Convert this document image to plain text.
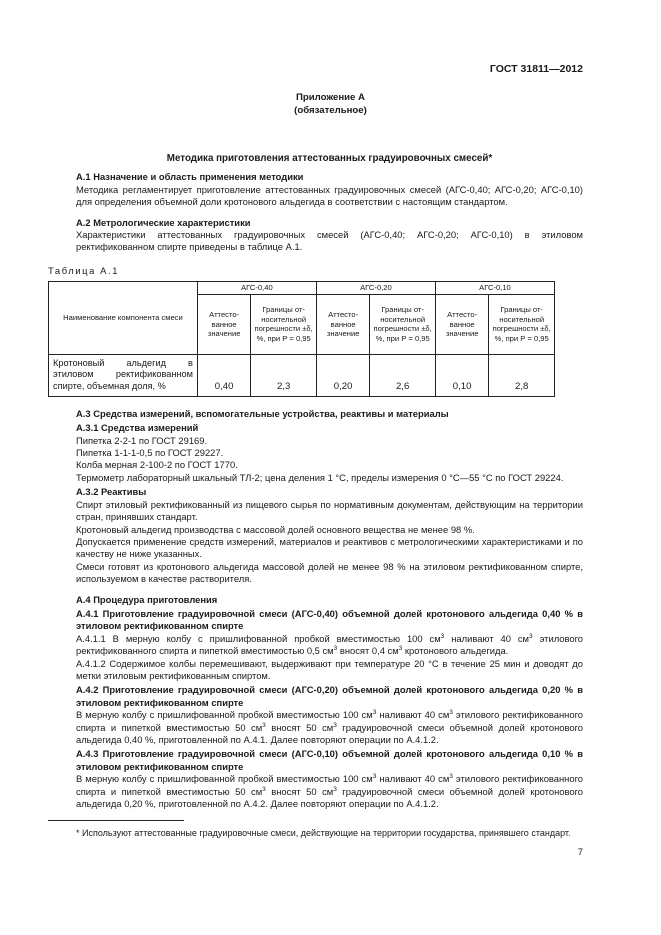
ГОСТ 31811—2012
Приложение А
(обязательное)
Методика приготовления аттестованных градуировочных смесей*
А.1 Назначение и область применения методики
Методика регламентирует приготовление аттестованных градуировочных смесей (АГС-0,40; АГС-0,20; АГС-0,10) для определения объемной доли кротонового альдегида в соответствии с настоящим стандартом.
А.2 Метрологические характеристики
Характеристики аттестованных градуировочных смесей (АГС-0,40; АГС-0,20; АГС-0,10) в этиловом ректификованном спирте приведены в таблице А.1.
Таблица А.1
Наименование компонента смеси	АГС-0,40		АГС-0,20		АГС-0,10	
	Аттесто-ванное значение	Границы от-носительной погрешности ±δ, %, при Р = 0,95	Аттесто-ванное значение	Границы от-носительной погрешности ±δ, %, при Р = 0,95	Аттесто-ванное значение	Границы от-носительной погрешности ±δ, %, при Р = 0,95
Кротоновый альдегид в этиловом ректификованном спирте, объемная доля, %	0,40	2,3	0,20	2,6	0,10	2,8
А.3 Средства измерений, вспомогательные устройства, реактивы и материалы
А.3.1 Средства измерений
Пипетка 2-2-1 по ГОСТ 29169.
Пипетка 1-1-1-0,5 по ГОСТ 29227.
Колба мерная 2-100-2 по ГОСТ 1770.
Термометр лабораторный шкальный ТЛ-2; цена деления 1 °С, пределы измерения 0 °С—55 °С по ГОСТ 29224.
А.3.2 Реактивы
Спирт этиловый ректификованный из пищевого сырья по нормативным документам, действующим на территории стран, принявших стандарт.
Кротоновый альдегид производства с массовой долей основного вещества не менее 98 %.
Допускается применение средств измерений, материалов и реактивов с метрологическими характеристиками и по качеству не ниже указанных.
Смеси готовят из кротонового альдегида массовой долей не менее 98 % на этиловом ректификованном спирте, используемом в качестве растворителя.
А.4 Процедура приготовления
А.4.1 Приготовление градуировочной смеси (АГС-0,40) объемной долей кротонового альдегида 0,40 % в этиловом ректификованном спирте
А.4.1.1 В мерную колбу с пришлифованной пробкой вместимостью 100 $см^3$ наливают 40 $см^3$ этилового ректификованного спирта и пипеткой вместимостью 0,5 $см^3$ вносят 0,4 $см^3$ кротонового альдегида.
А.4.1.2 Содержимое колбы перемешивают, выдерживают при температуре 20 °С в течение 25 мин и доводят до метки этиловым ректификованным спиртом.
А.4.2 Приготовление градуировочной смеси (АГС-0,20) объемной долей кротонового альдегида 0,20 % в этиловом ректификованном спирте
В мерную колбу с пришлифованной пробкой вместимостью 100 $см^3$ наливают 40 $см^3$ этилового ректификованного спирта и пипеткой вместимостью 50 $см^3$ вносят 50 $см^3$ градуировочной смеси объемной долей кротонового альдегида 0,40 %, приготовленной по А.4.1. Далее повторяют операции по А.4.1.2.
А.4.3 Приготовление градуировочной смеси (АГС-0,10) объемной долей кротонового альдегида 0,10 % в этиловом ректификованном спирте
В мерную колбу с пришлифованной пробкой вместимостью 100 $см^3$ наливают 40 $см^3$ этилового ректификованного спирта и пипеткой вместимостью 50 $см^3$ вносят 50 $см^3$ градуировочной смеси объемной долей кротонового альдегида 0,20 %, приготовленной по А.4.2. Далее повторяют операции по А.4.1.2.
* Используют аттестованные градуировочные смеси, действующие на территории государства, принявшего стандарт.
7
